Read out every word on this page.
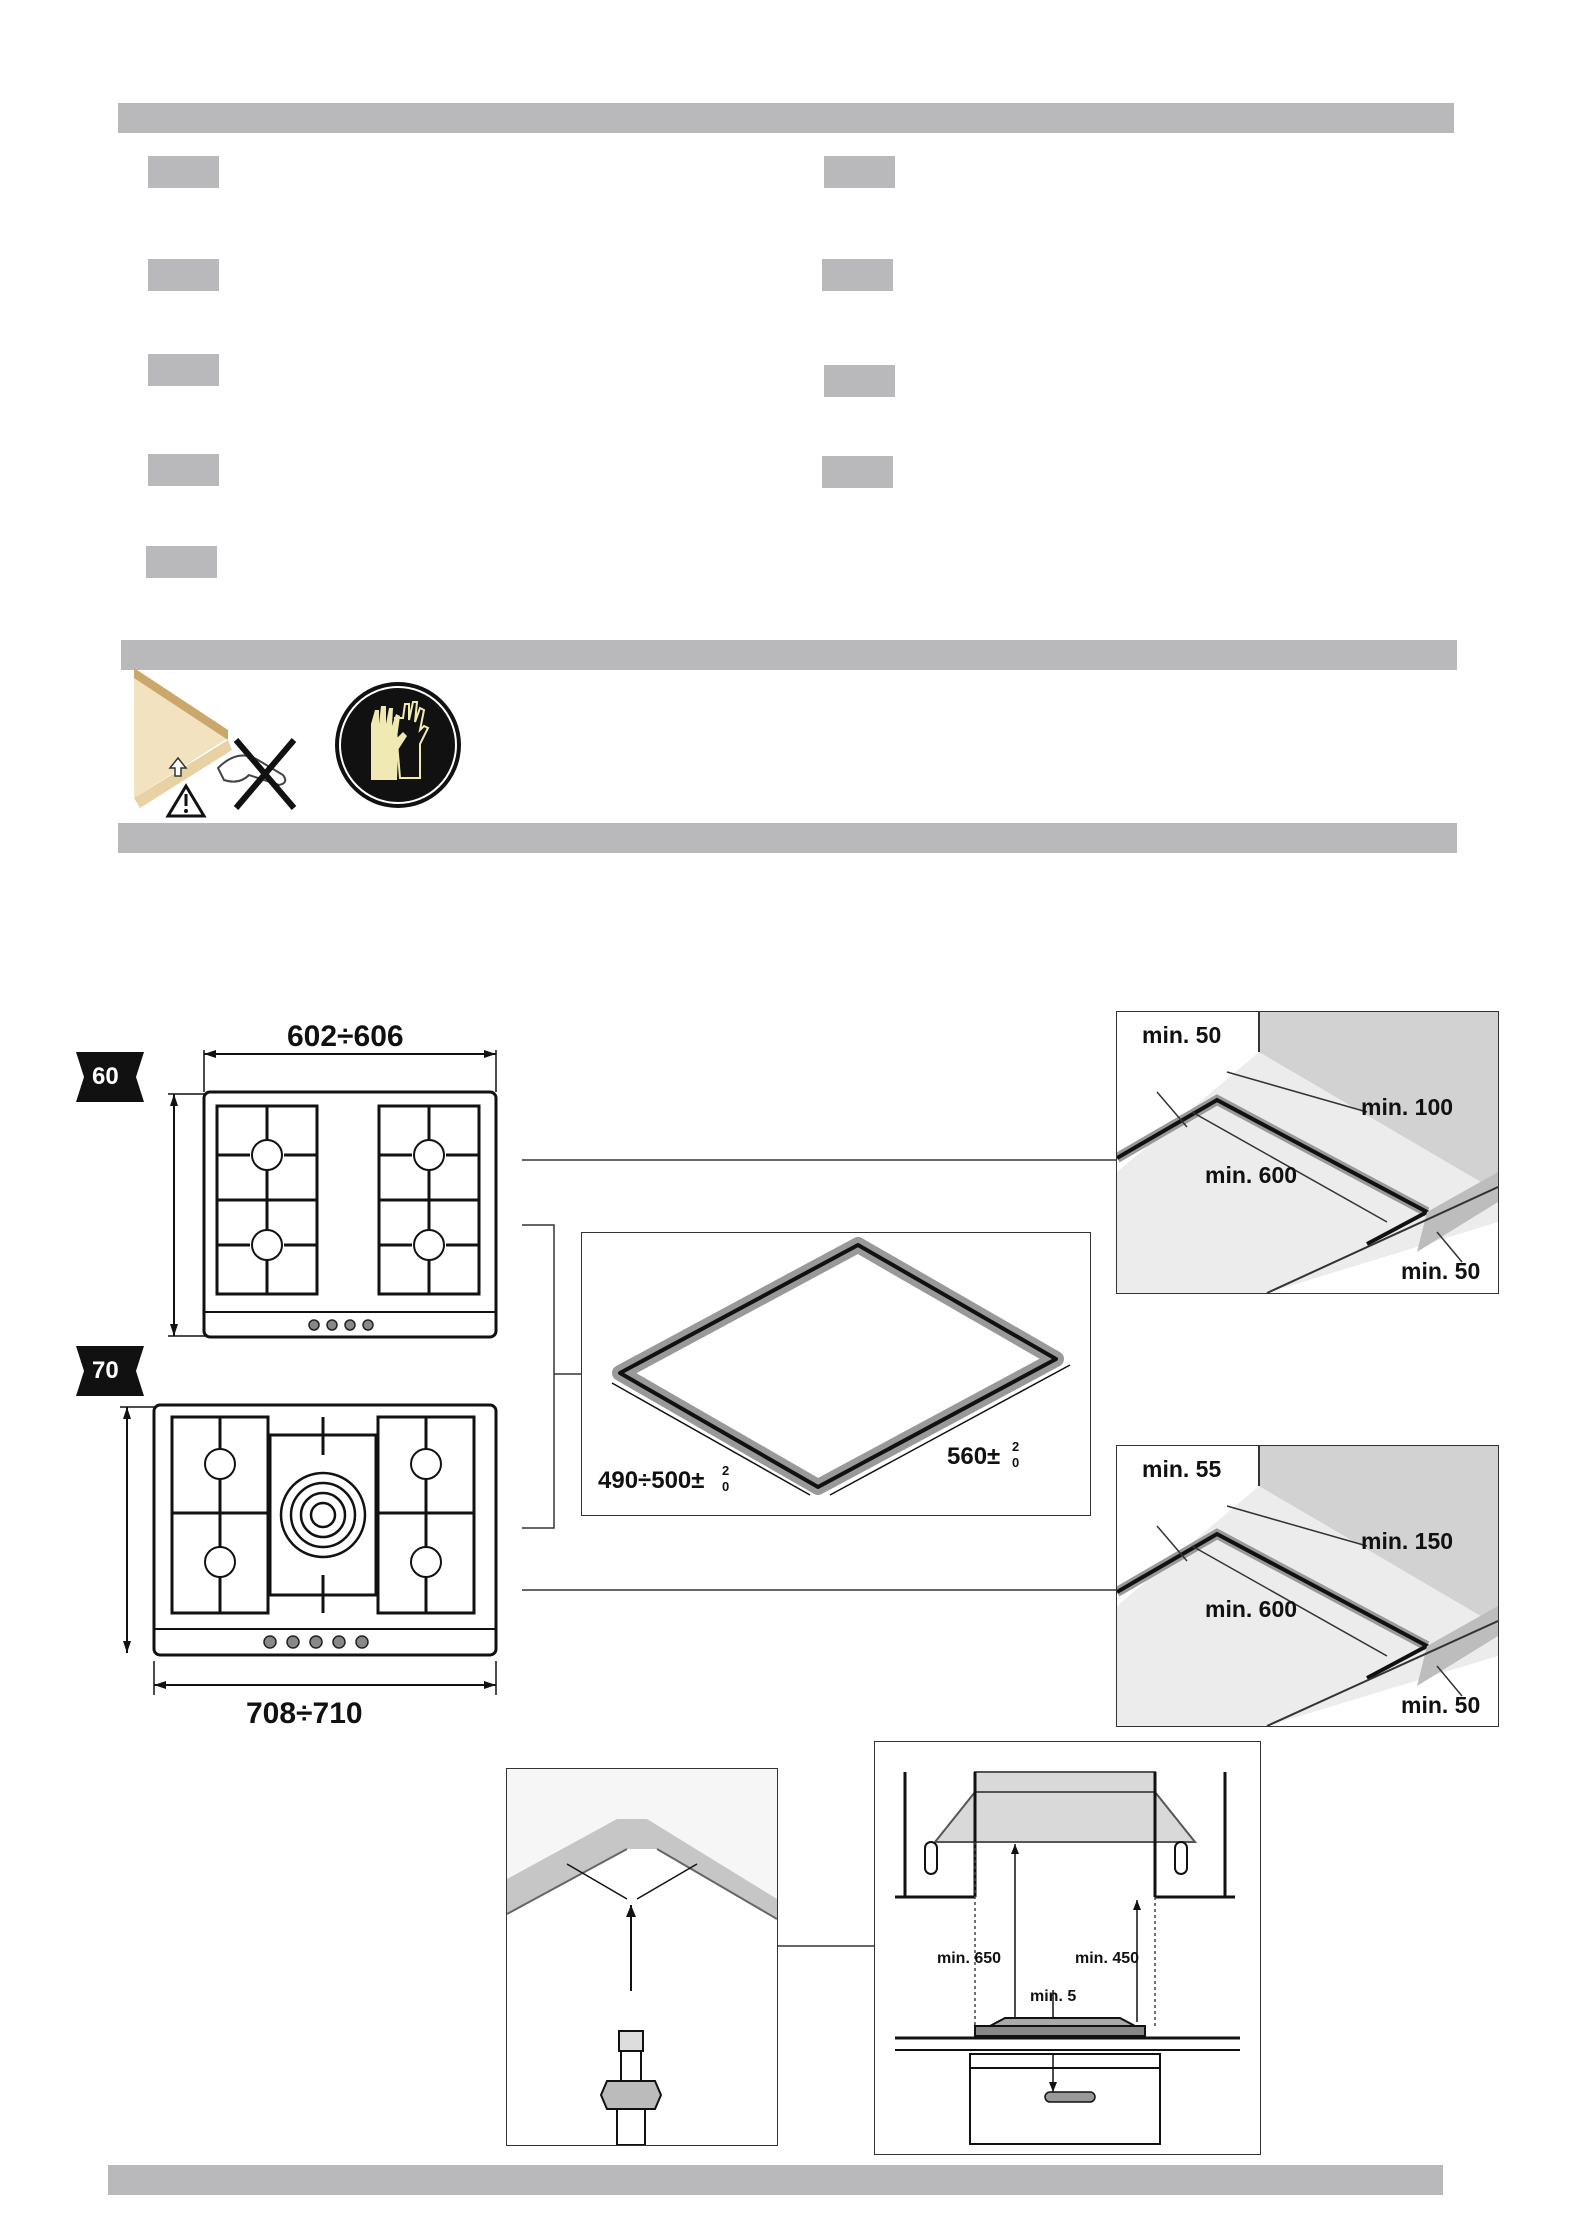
60
70
602÷606
708÷710
490÷500± 2
0
560± 2
0
min. 50
min. 100
min. 600
min. 50
min. 55
min. 150
min. 600
min. 50
min. 650	min. 450
min. 5
